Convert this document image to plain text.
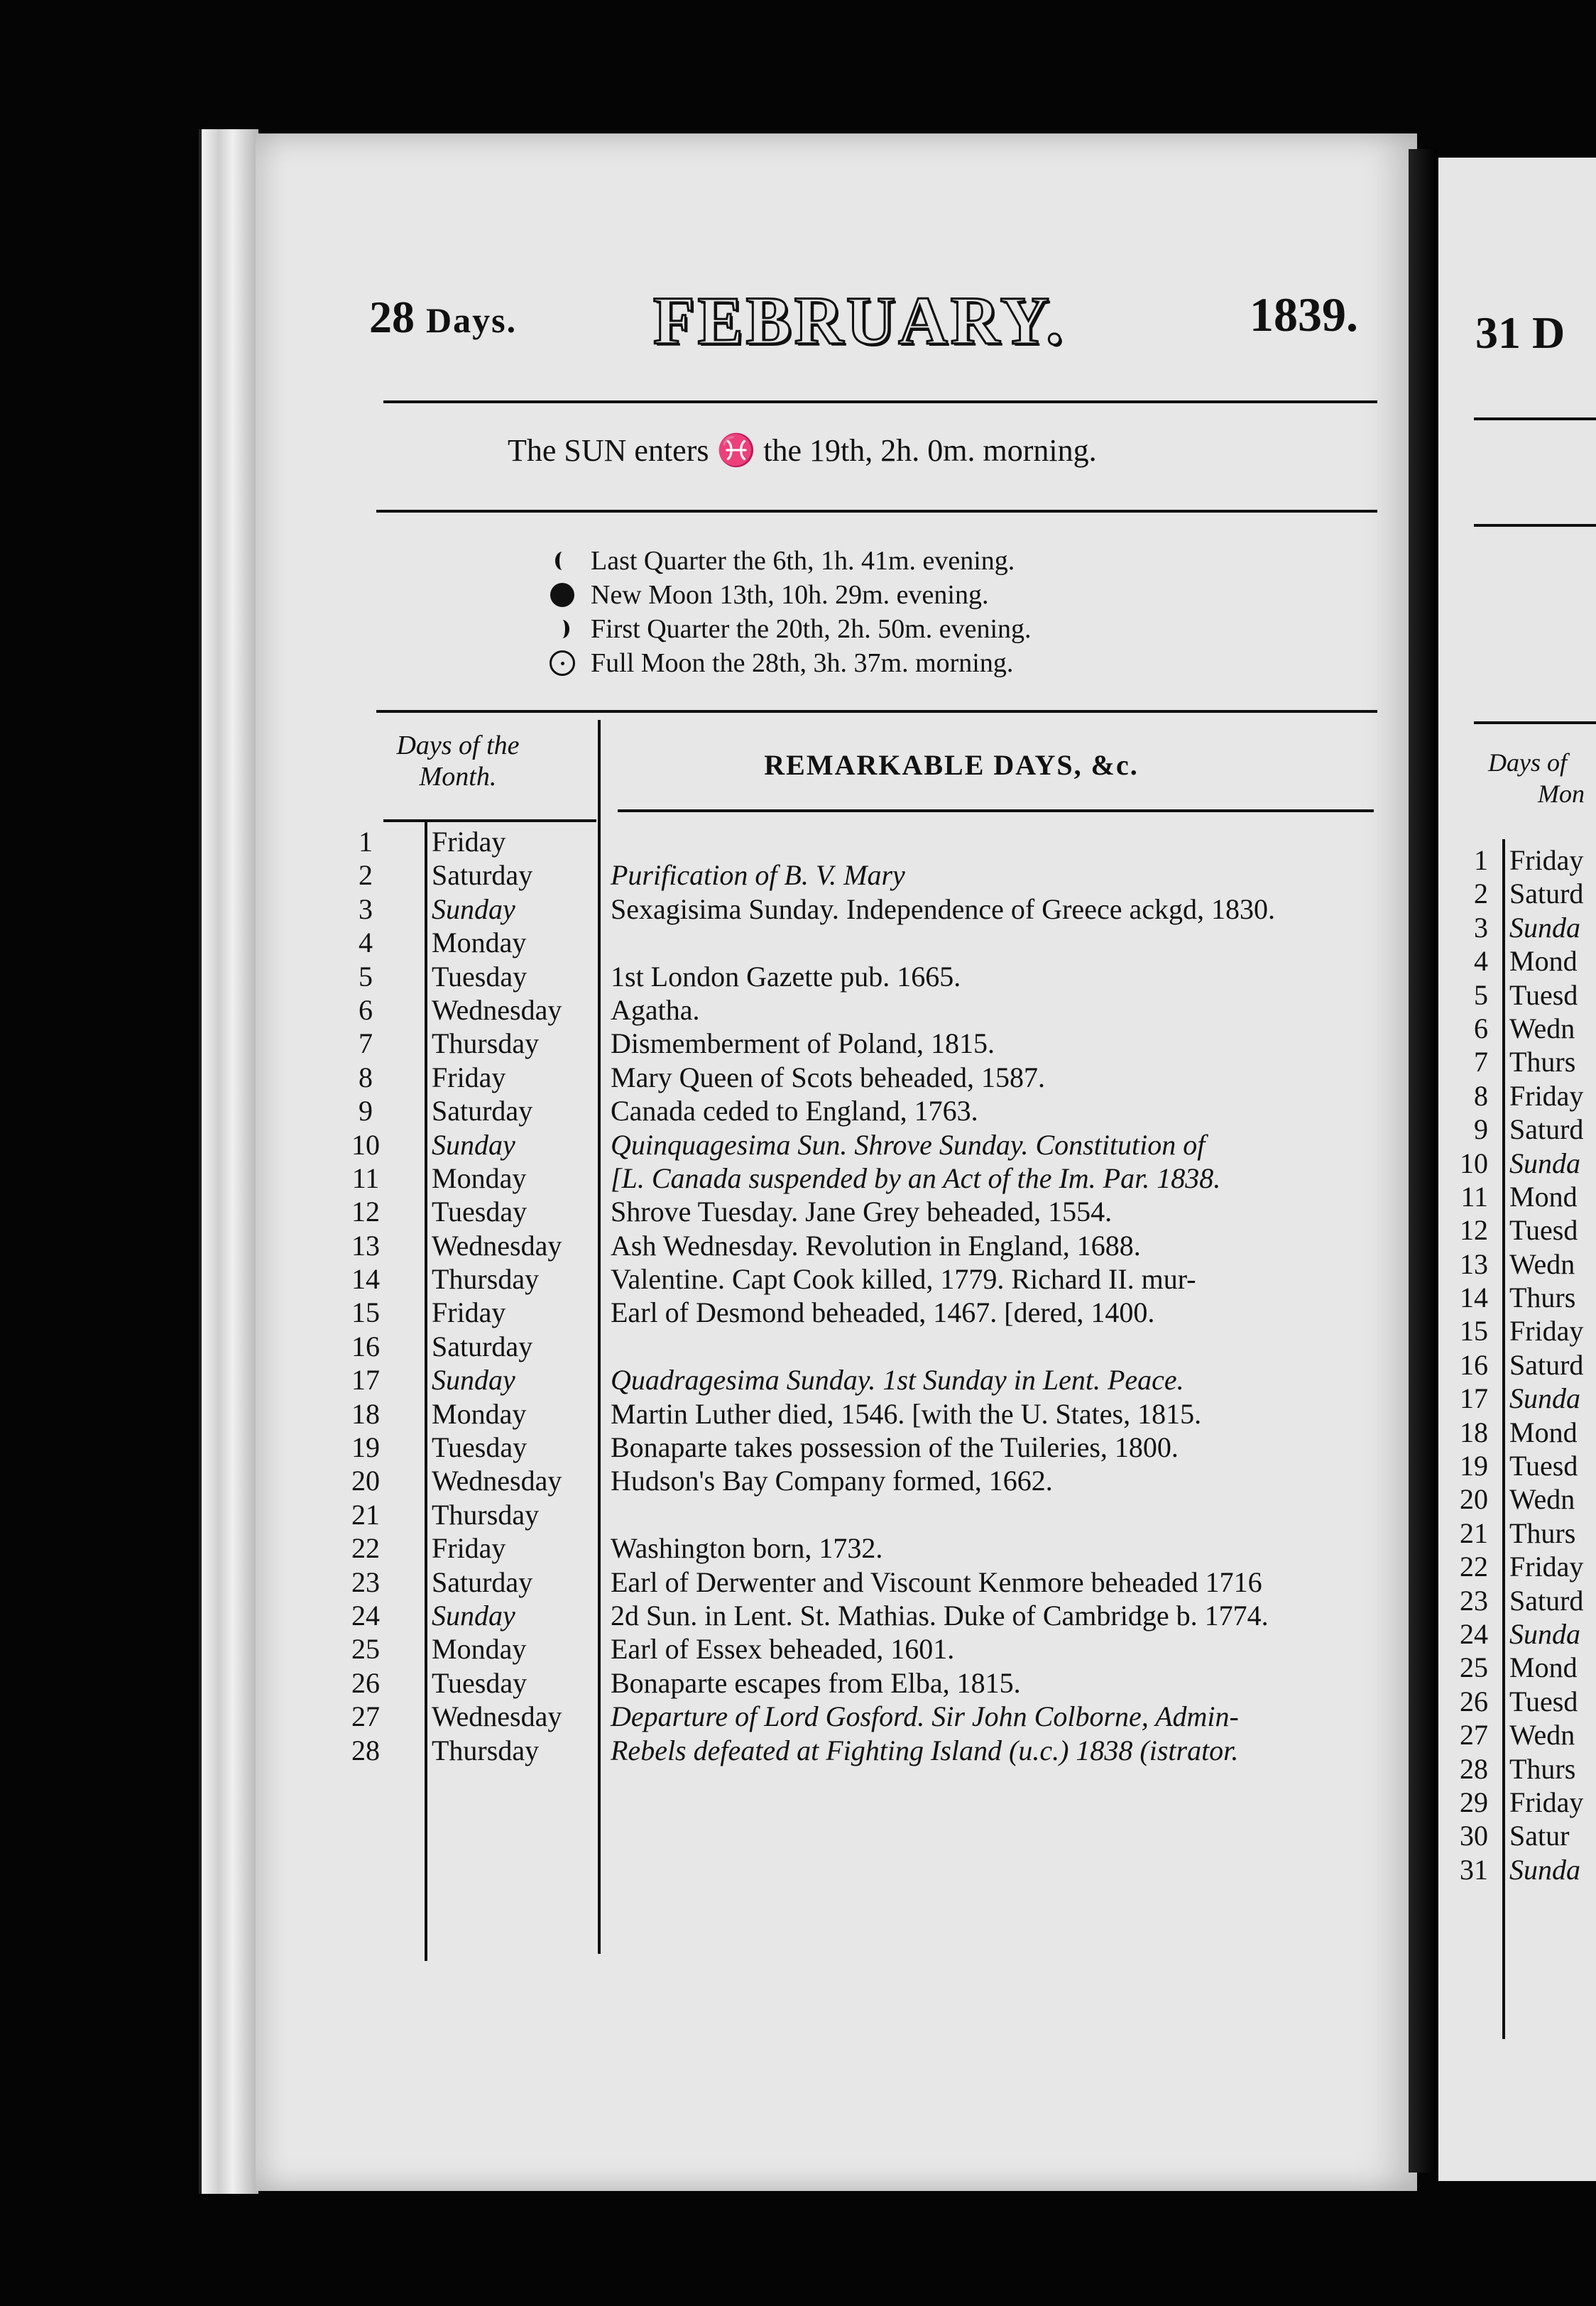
28 Days. FEBRUARY.	1839.
The SUN enters ♓ the 19th, 2h. 0m. morning.
Last Quarter the 6th, 1h. 41m. evening.
New Moon 13th, 10h. 29m. evening.
First Quarter the 20th, 2h. 50m. evening.
Full Moon the 28th, 3h. 37m. morning.
Days of the
Month.	REMARKABLE DAYS, &c.
1	Friday
2	Saturday	Purification of B. V. Mary
3	Sunday	Sexagisima Sunday. Independence of Greece ackgd, 1830.
4	Monday
5	Tuesday	1st London Gazette pub. 1665.
6	Wednesday Agatha.
7	Thursday	Dismemberment of Poland, 1815.
8	Friday	Mary Queen of Scots beheaded, 1587.
9	Saturday	Canada ceded to England, 1763.
10 Sunday	Quinquagesima Sun. Shrove Sunday. Constitution of
11 Monday	[L. Canada suspended by an Act of the Im. Par. 1838.
12 Tuesday	Shrove Tuesday. Jane Grey beheaded, 1554.
13 Wednesday Ash Wednesday. Revolution in England, 1688.
14 Thursday	Valentine. Capt Cook killed, 1779. Richard II. mur-
15 Friday	Earl of Desmond beheaded, 1467. [dered, 1400.
16 Saturday
17 Sunday	Quadragesima Sunday. 1st Sunday in Lent. Peace.
18 Monday	Martin Luther died, 1546. [with the U. States, 1815.
19 Tuesday	Bonaparte takes possession of the Tuileries, 1800.
20 Wednesday Hudson's Bay Company formed, 1662.
21 Thursday
22 Friday	Washington born, 1732.
23 Saturday	Earl of Derwenter and Viscount Kenmore beheaded 1716
24 Sunday	2d Sun. in Lent. St. Mathias. Duke of Cambridge b. 1774.
25 Monday	Earl of Essex beheaded, 1601.
26 Tuesday	Bonaparte escapes from Elba, 1815.
27 Wednesday Departure of Lord Gosford. Sir John Colborne, Admin-
28 Thursday	Rebels defeated at Fighting Island (u.c.) 1838 (istrator.
31 D
Days of
Mon
1 Friday
2 Saturd
3 Sunda
4 Mond
5 Tuesd
6 Wedn
7 Thurs
8 Friday
9 Saturd
10 Sunda
11 Mond
12 Tuesd
13 Wedn
14 Thurs
15 Friday
16 Saturd
17 Sunda
18 Mond
19 Tuesd
20 Wedn
21 Thurs
22 Friday
23 Saturd
24 Sunda
25 Mond
26 Tuesd
27 Wedn
28 Thurs
29 Friday
30 Satur
31 Sunda
